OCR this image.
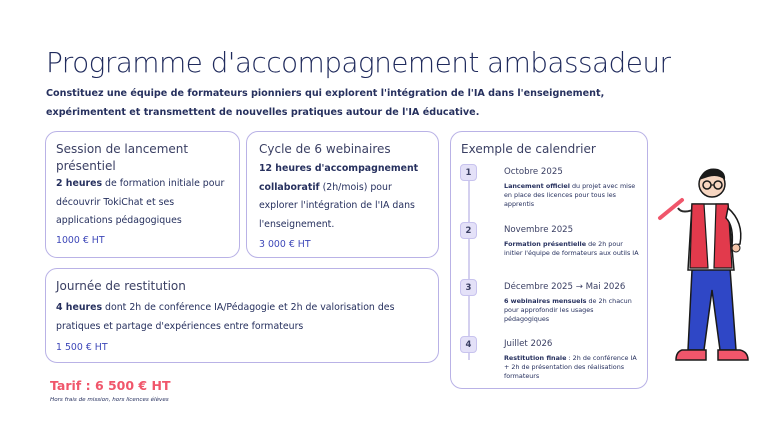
Programme d'accompagnement ambassadeur
Constituez une équipe de formateurs pionniers qui explorent l'intégration de l'IA dans l'enseignement, expérimentent et transmettent de nouvelles pratiques autour de l'IA éducative.
Session de lancement présentiel
2 heures de formation initiale pour découvrir TokiChat et ses applications pédagogiques
1000 € HT
Cycle de 6 webinaires
12 heures d'accompagnement collaboratif (2h/mois) pour explorer l'intégration de l'IA dans l'enseignement.
3 000 € HT
Journée de restitution
4 heures dont 2h de conférence IA/Pédagogie et 2h de valorisation des pratiques et partage d'expériences entre formateurs
1 500 € HT
Tarif : 6 500 € HT
Hors frais de mission, hors licences élèves
Exemple de calendrier
1	Octobre 2025
Lancement officiel du projet avec mise en place des licences pour tous les apprentis
2	Novembre 2025
Formation présentielle de 2h pour initier l'équipe de formateurs aux outils IA
3	Décembre 2025 → Mai 2026
6 webinaires mensuels de 2h chacun pour approfondir les usages pédagogiques
4	Juillet 2026
Restitution finale : 2h de conférence IA + 2h de présentation des réalisations formateurs
